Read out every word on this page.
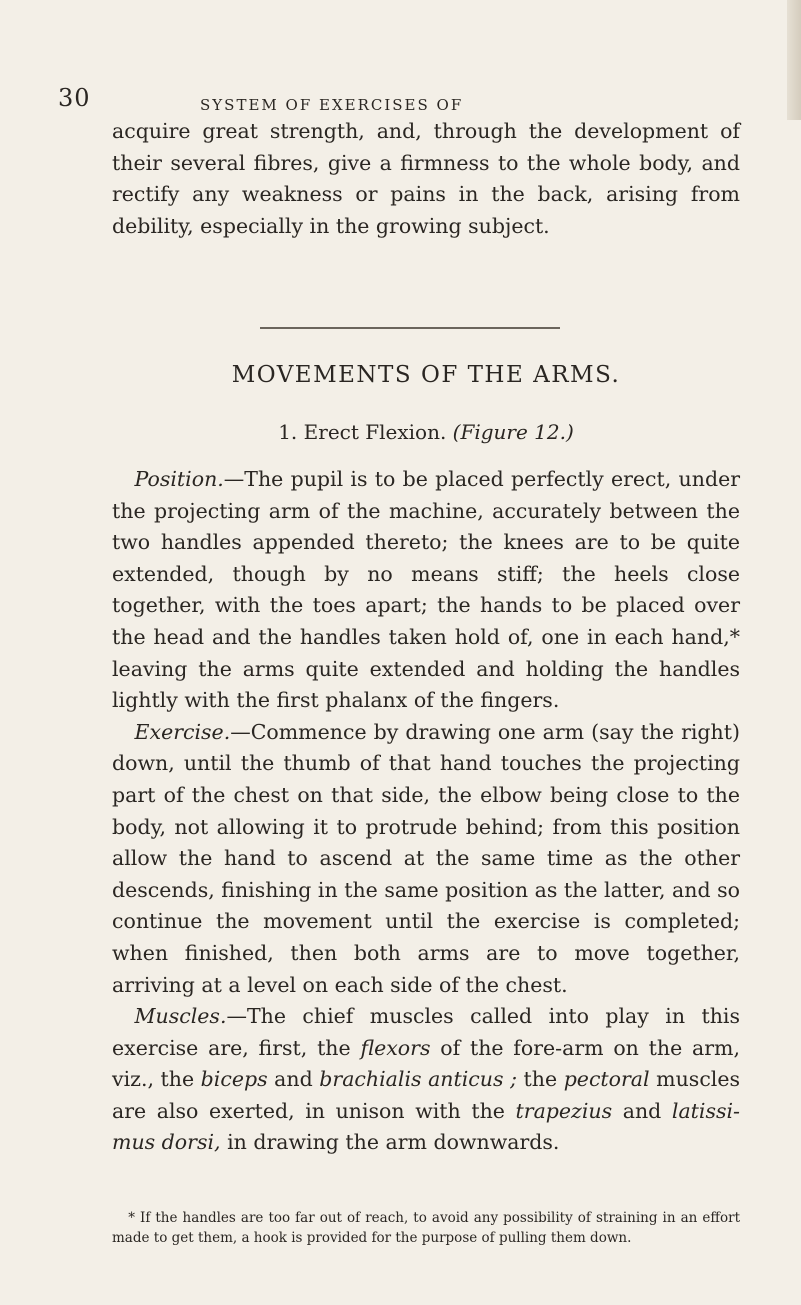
30	SYSTEM OF EXERCISES OF
acquire great strength, and, through the development of their several fibres, give a firmness to the whole body, and rectify any weakness or pains in the back, arising from debility, especially in the growing subject.
MOVEMENTS OF THE ARMS.
1. Erect Flexion. (Figure 12.)

Position.—The pupil is to be placed perfectly erect, under the projecting arm of the machine, accurately between the two handles appended thereto; the knees are to be quite extended, though by no means stiff; the heels close together, with the toes apart; the hands to be placed over the head and the handles taken hold of, one in each hand,* leaving the arms quite extended and holding the handles lightly with the first phalanx of the fingers.

Exercise.—Commence by drawing one arm (say the right) down, until the thumb of that hand touches the projecting part of the chest on that side, the elbow being close to the body, not allowing it to protrude behind; from this position allow the hand to ascend at the same time as the other descends, finishing in the same position as the latter, and so continue the movement until the exercise is completed; when finished, then both arms are to move together, arriving at a level on each side of the chest.

Muscles.—The chief muscles called into play in this exercise are, first, the flexors of the fore-arm on the arm, viz., the biceps and brachialis anticus ; the pectoral muscles are also exerted, in unison with the trapezius and latissi- mus dorsi, in drawing the arm downwards.

* If the handles are too far out of reach, to avoid any possibility of straining in an effort made to get them, a hook is provided for the purpose of pulling them down.
